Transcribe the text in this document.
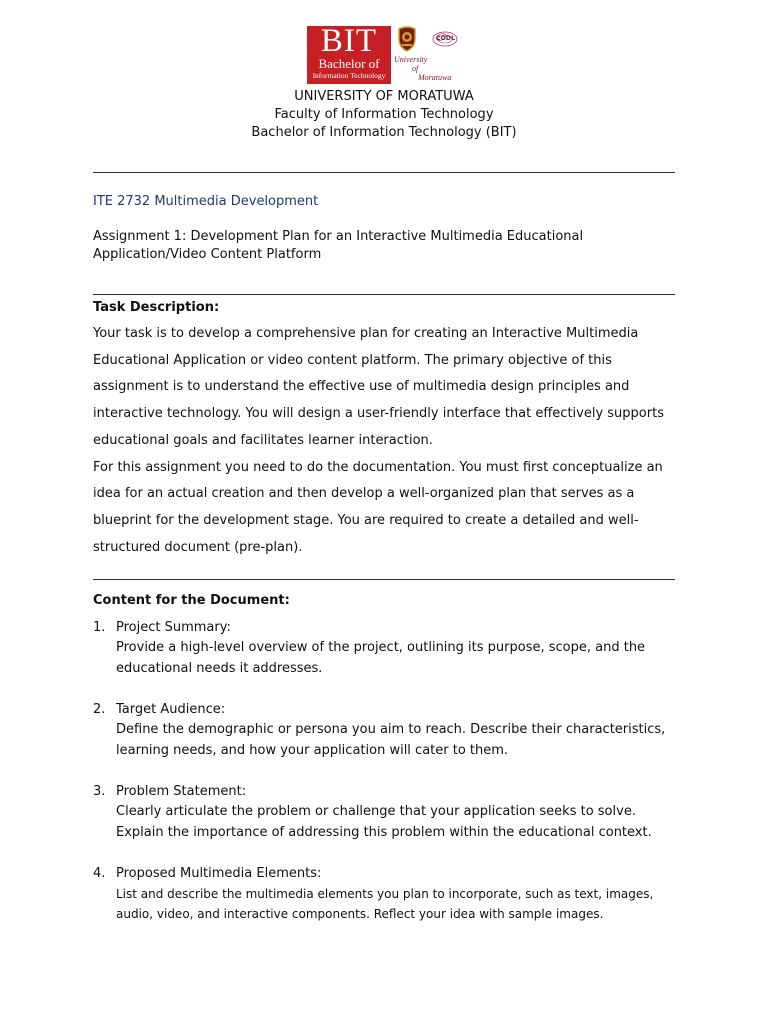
BIT
Bachelor of
Information Technology
CODL
University
of
Moratuwa
UNIVERSITY OF MORATUWA
Faculty of Information Technology
Bachelor of Information Technology (BIT)
ITE 2732 Multimedia Development
Assignment 1: Development Plan for an Interactive Multimedia Educational
Application/Video Content Platform
Task Description:

Your task is to develop a comprehensive plan for creating an Interactive Multimedia Educational Application or video content platform. The primary objective of this assignment is to understand the effective use of multimedia design principles and interactive technology. You will design a user-friendly interface that effectively supports educational goals and facilitates learner interaction.

For this assignment you need to do the documentation. You must first conceptualize an idea for an actual creation and then develop a well-organized plan that serves as a blueprint for the development stage. You are required to create a detailed and well-structured document (pre-plan).

Content for the Document:
1. Project Summary:
Provide a high-level overview of the project, outlining its purpose, scope, and the educational needs it addresses.
2. Target Audience:
Define the demographic or persona you aim to reach. Describe their characteristics, learning needs, and how your application will cater to them.
3. Problem Statement:
Clearly articulate the problem or challenge that your application seeks to solve. Explain the importance of addressing this problem within the educational context.
4. Proposed Multimedia Elements:
List and describe the multimedia elements you plan to incorporate, such as text, images, audio, video, and interactive components. Reflect your idea with sample images.
